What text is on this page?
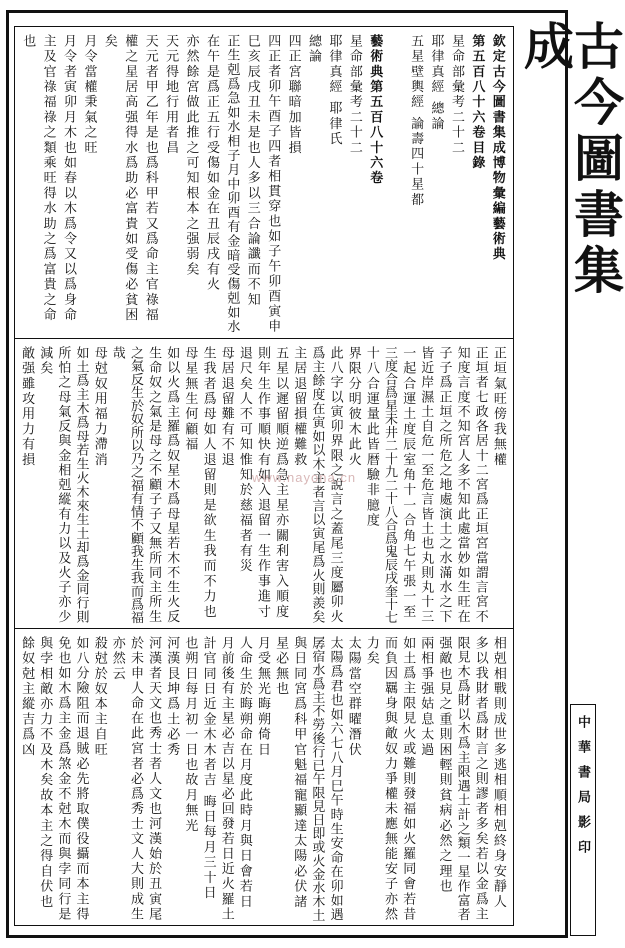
古今圖書集成
欽定古今圖書集成博物彙編藝術典
第五百八十六卷目錄
星命部彙考二十二
耶律真經 總論
五星壁輿經 論壽四十星都
藝術典第五百八十六卷
星命部彙考二十二
耶律真經 耶律氏
總論
四正宮聯暗加皆損
四正者卯午酉子四者相貫穿也如子午卯酉寅申
巳亥辰戌丑未是也人多以三合論讖而不知
正生剋爲急如水相子月中卯酉有金暗受傷剋如水
在午是爲正五行受傷如金在丑辰戌有火
亦然餘宮做此推之可知根本之强弱矣
天元得地行用者昌
天元者甲乙年是也爲科甲若又爲命主官祿福
權之星居高强得水爲助必富貴如受傷必貧困
矣
月令當權秉氣之旺
月令者寅卯月木也如春以木爲令又以爲身命
主及官祿福祿之類乘旺得水助之爲富貴之命
也
正垣氣旺傍我無權
正垣者七政各居十二宮爲正垣宮當謂言宮不
知度言度不知宮人多不知此處當妙如生旺在
子子爲正垣之所危之地處演土之水滿水之下
皆近岸濕土自危一至危言皆土也丸則丸十三
一起合運土度辰室角十一合角七午張一至
三度合爲星未井二十九二十八合爲鬼辰戌奎十七
十八合運量此皆暦驗非臆度
界限分明彼木此火
此八字以寅卯界限之說言之蓋尾三度屬卯火
爲主餘度在寅如以木主者言以寅尾爲火則羨矣
主居退留損權難救
五星以遲留順逆爲急主星亦關利害入順度
則年生作事順快有如入退留一生作事進寸
退尺矣人不可知惟知於慈福者有災
母居退留難有不退
生我者爲母如人退留則是欲生我而不力也
母星無生何顧福
如以火爲主羅爲奴星木爲母星若木不生火反
生命奴之氣是母之不顧子子又無所同主所生
之氣反生於奴所以乃之福有情不顧我生我而爲福
哉
母尅奴用福力滯消
如土爲主木爲母若生火木來生土却爲金同行則
所怕之母氣反與金相剋縱有力以及火子亦少
減矣
敵强雖攻用力有損
相剋相戰則成世多逃相順相剋終身安靜人
多以我財者爲財言之則謬者多矣若以金爲主
限見木爲財以木爲主限遇土計之類一星作富者
强敵也見之重則困輕則貧病必然之理也
兩相爭强姑息太過
如土爲主限見火或難則發福如火羅同會若昔
而負因羈身與敵奴力爭權未應無能安子亦然
力矣
太陽當空群曜潛伏
太陽爲君也如六七八月巳午時生安命在卯如遇
孱宿水爲主不勞後行已午限見日即或火金水木土
與日同宮爲科甲官魁福寵顯達太陽必伏諸
星必無也
月受無光晦朔倚日
人命生於晦朔命在月度此時月與日會若日
月前後有主星必吉以星必回發若日近火羅土
計官同日近金木木者吉 晦日每月三十日
也朔日每月初一日也故月無光
河漢艮坤爲土必秀
河漢者天文也秀士者人文也河漢始於丑寅尾
於未申人命在此宮者必爲秀士文人大則成生
亦然云
殺尅於奴本主自旺
如八分險阻而退賊必先將取僕役攝而本主得
免也如木爲主金爲煞金不尅木而與孛同行是
與孛相敵亦力不及木矣故本主之得自伏也
餘奴尅主縱吉爲凶
www.nayona.cn
中華書局影印
